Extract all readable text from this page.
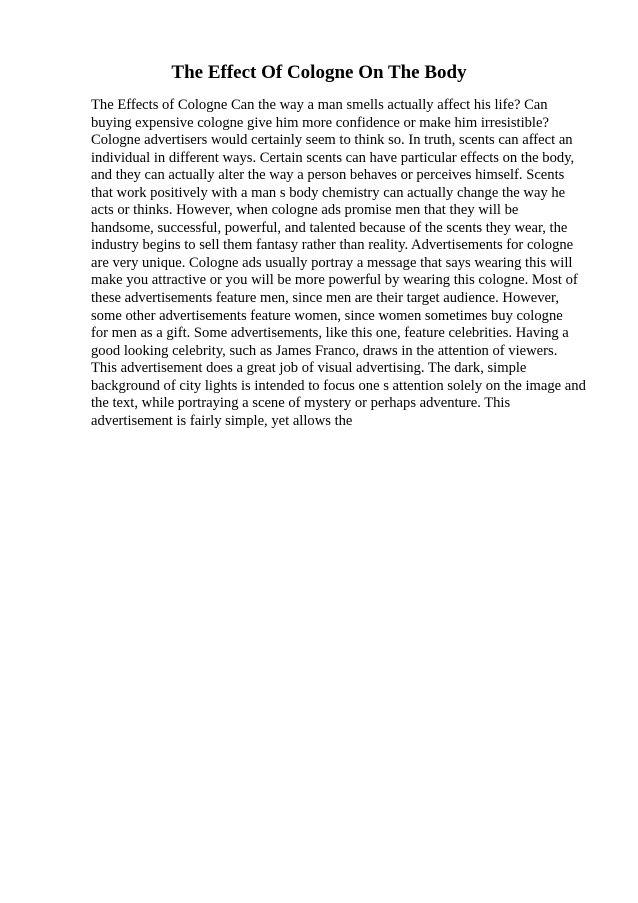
The Effect Of Cologne On The Body
The Effects of Cologne Can the way a man smells actually affect his life? Can
buying expensive cologne give him more confidence or make him irresistible?
Cologne advertisers would certainly seem to think so. In truth, scents can affect an
individual in different ways. Certain scents can have particular effects on the body,
and they can actually alter the way a person behaves or perceives himself. Scents
that work positively with a man s body chemistry can actually change the way he
acts or thinks. However, when cologne ads promise men that they will be
handsome, successful, powerful, and talented because of the scents they wear, the
industry begins to sell them fantasy rather than reality. Advertisements for cologne
are very unique. Cologne ads usually portray a message that says wearing this will
make you attractive or you will be more powerful by wearing this cologne. Most of
these advertisements feature men, since men are their target audience. However,
some other advertisements feature women, since women sometimes buy cologne
for men as a gift. Some advertisements, like this one, feature celebrities. Having a
good looking celebrity, such as James Franco, draws in the attention of viewers.
This advertisement does a great job of visual advertising. The dark, simple
background of city lights is intended to focus one s attention solely on the image and
the text, while portraying a scene of mystery or perhaps adventure. This
advertisement is fairly simple, yet allows the
